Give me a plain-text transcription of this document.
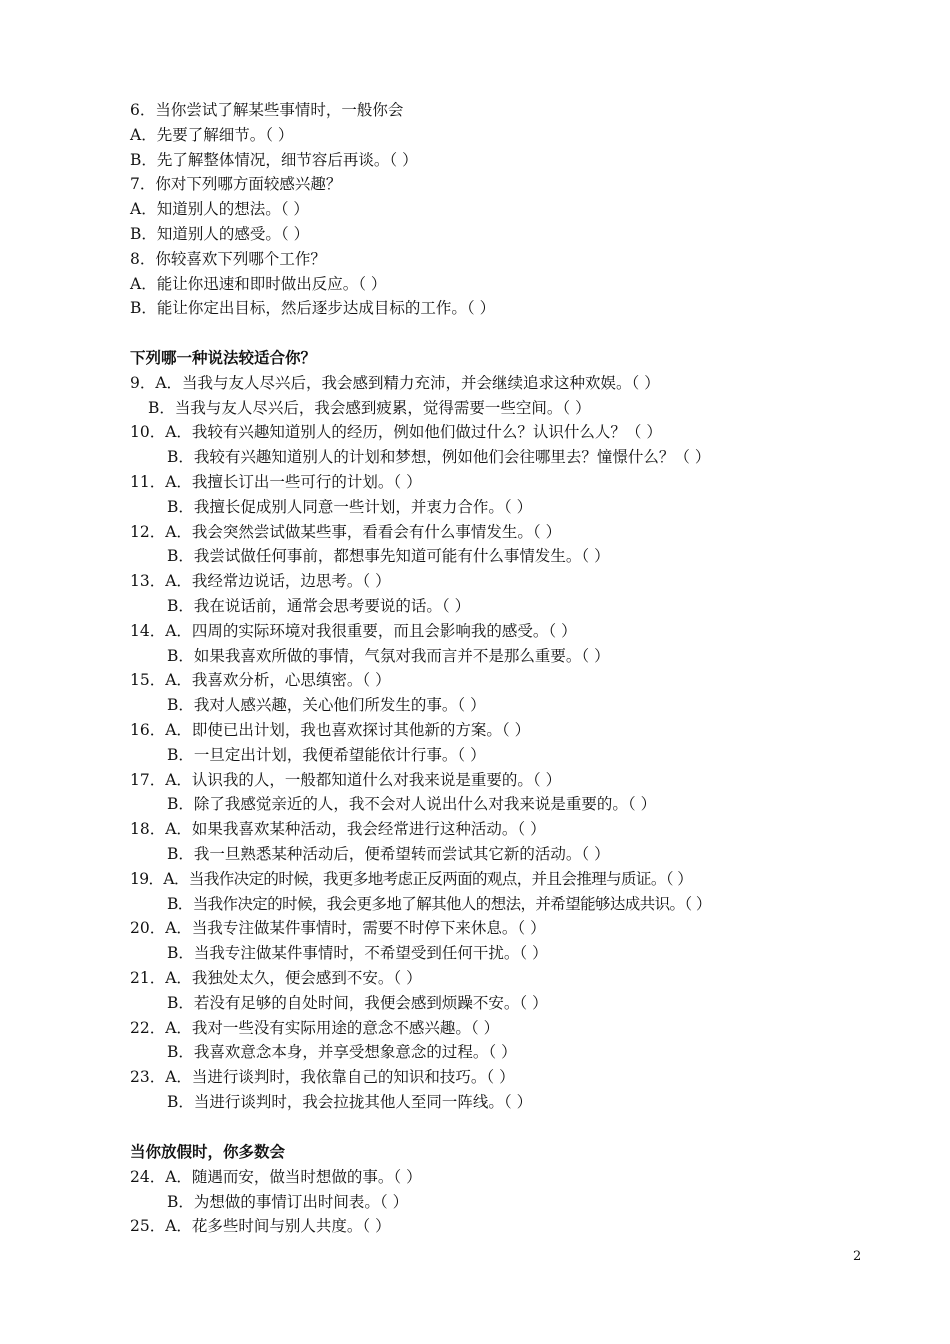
6．当你尝试了解某些事情时，一般你会
A．先要了解细节。（ ）
B．先了解整体情况，细节容后再谈。（ ）
7．你对下列哪方面较感兴趣？
A．知道别人的想法。（ ）
B．知道别人的感受。（ ）
8．你较喜欢下列哪个工作？
A．能让你迅速和即时做出反应。（ ）
B．能让你定出目标，然后逐步达成目标的工作。（ ）
下列哪一种说法较适合你？
9．A．当我与友人尽兴后，我会感到精力充沛，并会继续追求这种欢娱。（ ）
B．当我与友人尽兴后，我会感到疲累，觉得需要一些空间。（ ）
10．A．我较有兴趣知道别人的经历，例如他们做过什么？认识什么人？（ ）
B．我较有兴趣知道别人的计划和梦想，例如他们会往哪里去？憧憬什么？（ ）
11．A．我擅长订出一些可行的计划。（ ）
B．我擅长促成别人同意一些计划，并衷力合作。（ ）
12．A．我会突然尝试做某些事，看看会有什么事情发生。（ ）
B．我尝试做任何事前，都想事先知道可能有什么事情发生。（ ）
13．A．我经常边说话，边思考。（ ）
B．我在说话前，通常会思考要说的话。（ ）
14．A．四周的实际环境对我很重要，而且会影响我的感受。（ ）
B．如果我喜欢所做的事情，气氛对我而言并不是那么重要。（ ）
15．A．我喜欢分析，心思缜密。（ ）
B．我对人感兴趣，关心他们所发生的事。（ ）
16．A．即使已出计划，我也喜欢探讨其他新的方案。（ ）
B．一旦定出计划，我便希望能依计行事。（ ）
17．A．认识我的人，一般都知道什么对我来说是重要的。（ ）
B．除了我感觉亲近的人，我不会对人说出什么对我来说是重要的。（ ）
18．A．如果我喜欢某种活动，我会经常进行这种活动。（ ）
B．我一旦熟悉某种活动后，便希望转而尝试其它新的活动。（ ）
19．A．当我作决定的时候，我更多地考虑正反两面的观点，并且会推理与质证。（ ）
B．当我作决定的时候，我会更多地了解其他人的想法，并希望能够达成共识。（ ）
20．A．当我专注做某件事情时，需要不时停下来休息。（ ）
B．当我专注做某件事情时，不希望受到任何干扰。（ ）
21．A．我独处太久，便会感到不安。（ ）
B．若没有足够的自处时间，我便会感到烦躁不安。（ ）
22．A．我对一些没有实际用途的意念不感兴趣。（ ）
B．我喜欢意念本身，并享受想象意念的过程。（ ）
23．A．当进行谈判时，我依靠自己的知识和技巧。（ ）
B．当进行谈判时，我会拉拢其他人至同一阵线。（ ）
当你放假时，你多数会
24．A．随遇而安，做当时想做的事。（ ）
B．为想做的事情订出时间表。（ ）
25．A．花多些时间与别人共度。（ ）
2
